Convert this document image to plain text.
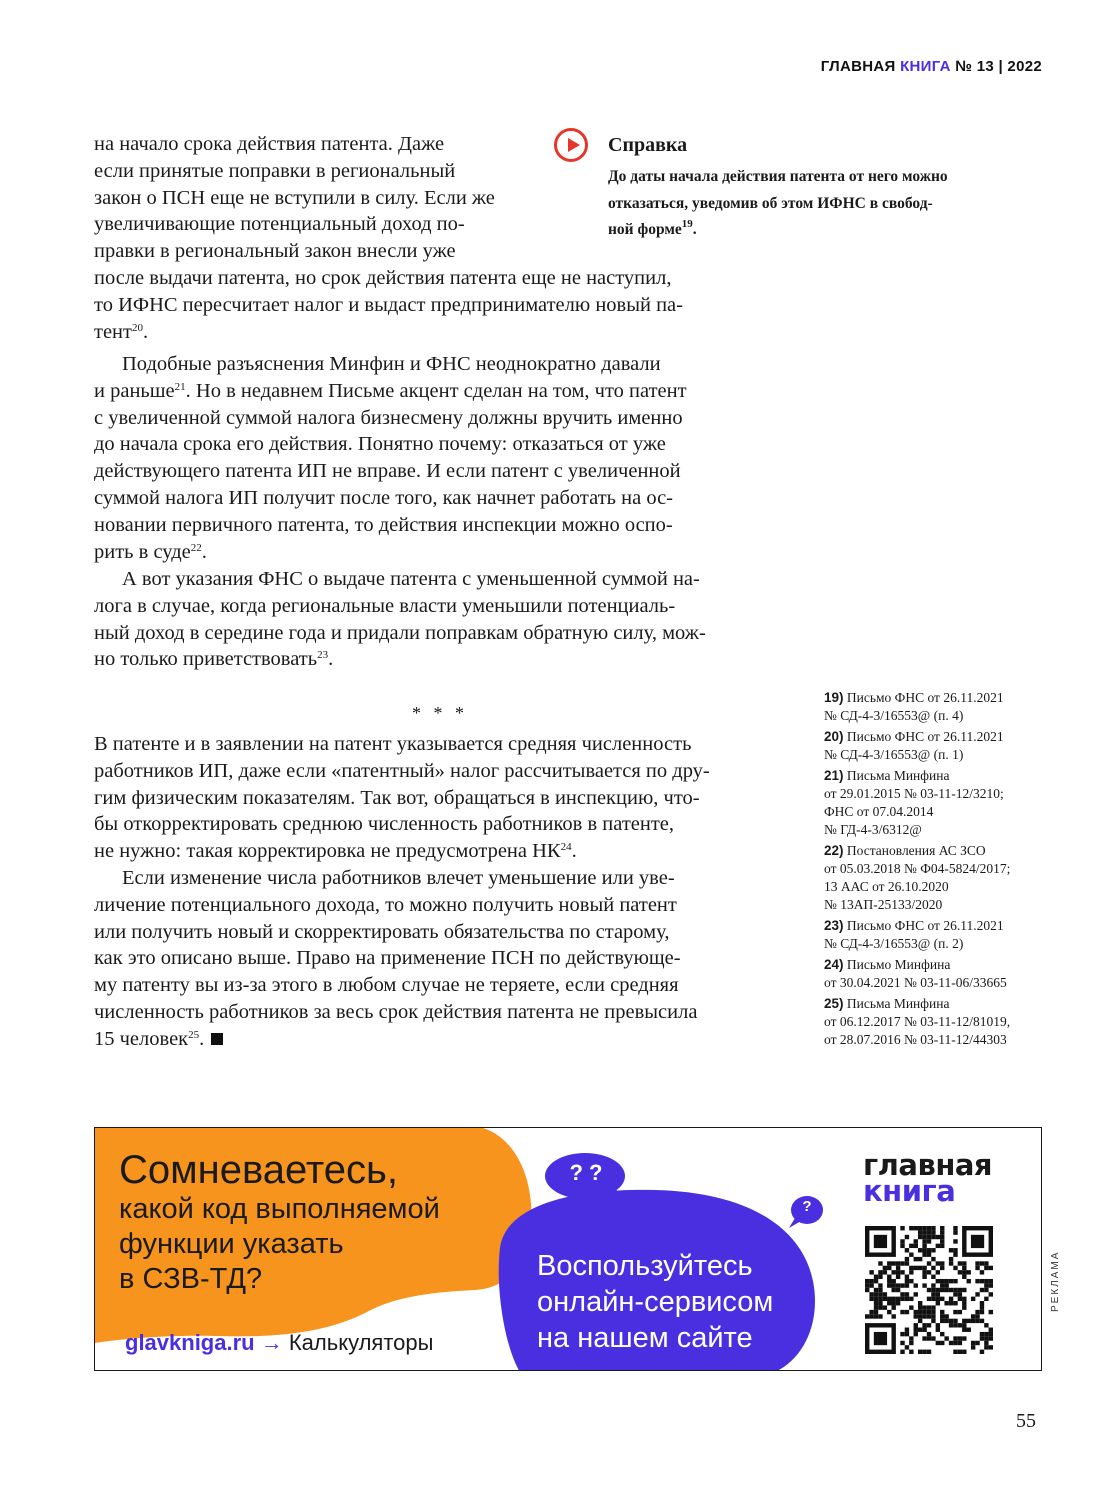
ГЛАВНАЯ КНИГА № 13 | 2022
на начало срока действия патента. Даже
если принятые поправки в региональный
закон о ПСН еще не вступили в силу. Если же
увеличивающие потенциальный доход по-
правки в региональный закон внесли уже
после выдачи патента, но срок действия патента еще не наступил,
то ИФНС пересчитает налог и выдаст предпринимателю новый па-
тент$^{20}$.
Справка
До даты начала действия патента от него можно
отказаться, уведомив об этом ИФНС в свобод-
ной форме$^{19}$.
Подобные разъяснения Минфин и ФНС неоднократно давали
и раньше$^{21}$. Но в недавнем Письме акцент сделан на том, что патент
с увеличенной суммой налога бизнесмену должны вручить именно
до начала срока его действия. Понятно почему: отказаться от уже
действующего патента ИП не вправе. И если патент с увеличенной
суммой налога ИП получит после того, как начнет работать на ос-
новании первичного патента, то действия инспекции можно оспо-
рить в суде$^{22}$.
А вот указания ФНС о выдаче патента с уменьшенной суммой на-
лога в случае, когда региональные власти уменьшили потенциаль-
ный доход в середине года и придали поправкам обратную силу, мож-
но только приветствовать$^{23}$.
* * *
В патенте и в заявлении на патент указывается средняя численность
работников ИП, даже если «патентный» налог рассчитывается по дру-
гим физическим показателям. Так вот, обращаться в инспекцию, что-
бы откорректировать среднюю численность работников в патенте,
не нужно: такая корректировка не предусмотрена НК$^{24}$.
Если изменение числа работников влечет уменьшение или уве-
личение потенциального дохода, то можно получить новый патент
или получить новый и скорректировать обязательства по старому,
как это описано выше. Право на применение ПСН по действующе-
му патенту вы из-за этого в любом случае не теряете, если средняя
численность работников за весь срок действия патента не превысила
15 человек$^{25}$.
19) Письмо ФНС от 26.11.2021
№ СД-4-3/16553@ (п. 4)
20) Письмо ФНС от 26.11.2021
№ СД-4-3/16553@ (п. 1)
21) Письма Минфина
от 29.01.2015 № 03-11-12/3210;
ФНС от 07.04.2014
№ ГД-4-3/6312@
22) Постановления АС ЗСО
от 05.03.2018 № Ф04-5824/2017;
13 ААС от 26.10.2020
№ 13АП-25133/2020
23) Письмо ФНС от 26.11.2021
№ СД-4-3/16553@ (п. 2)
24) Письмо Минфина
от 30.04.2021 № 03-11-06/33665
25) Письма Минфина
от 06.12.2017 № 03-11-12/81019,
от 28.07.2016 № 03-11-12/44303
Сомневаетесь,
какой код выполняемой
функции указать
в СЗВ-ТД?
glavkniga.ru → Калькуляторы
? ?
?
Воспользуйтесь
онлайн-сервисом
на нашем сайте
главная
книга
РЕКЛАМА
55
